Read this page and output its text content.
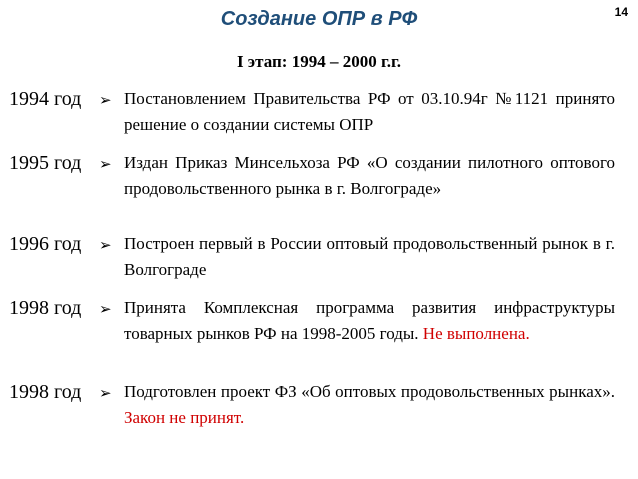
Создание ОПР в РФ	14
I этап: 1994 – 2000 г.г.
1994 год ➢ Постановлением Правительства РФ от 03.10.94г №1121 принято решение о создании системы ОПР
1995 год ➢ Издан Приказ Минсельхоза РФ «О создании пилотного оптового продовольственного рынка в г. Волгограде»
1996 год ➢ Построен первый в России оптовый продовольственный рынок в г. Волгограде
1998 год ➢ Принята Комплексная программа развития инфраструктуры товарных рынков РФ на 1998-2005 годы. Не выполнена.
1998 год ➢ Подготовлен проект ФЗ «Об оптовых продовольственных рынках». Закон не принят.
